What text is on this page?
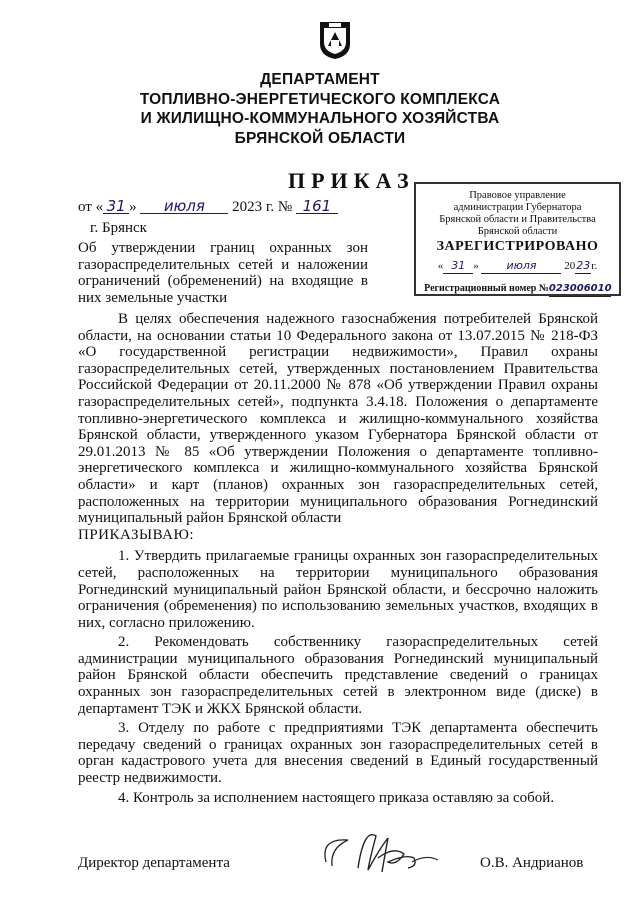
ДЕПАРТАМЕНТ
ТОПЛИВНО-ЭНЕРГЕТИЧЕСКОГО КОМПЛЕКСА
И ЖИЛИЩНО-КОММУНАЛЬНОГО ХОЗЯЙСТВА
БРЯНСКОЙ ОБЛАСТИ
ПРИКАЗ
от « 31 » июля 2023 г. № 161
г. Брянск
Об утверждении границ охранных зон газораспределительных сетей и наложении ограничений (обременений) на входящие в них земельные участки
Правовое управление
администрации Губернатора
Брянской области и Правительства
Брянской области
ЗАРЕГИСТРИРОВАНО
« 31 »	июля	2023г.
Регистрационный номер №023006010

В целях обеспечения надежного газоснабжения потребителей Брянской области, на основании статьи 10 Федерального закона от 13.07.2015 № 218-ФЗ «О государственной регистрации недвижимости», Правил охраны газораспределительных сетей, утвержденных постановлением Правительства Российской Федерации от 20.11.2000 № 878 «Об утверждении Правил охраны газораспределительных сетей», подпункта 3.4.18. Положения о департаменте топливно-энергетического комплекса и жилищно-коммунального хозяйства Брянской области, утвержденного указом Губернатора Брянской области от 29.01.2013 № 85 «Об утверждении Положения о департаменте топливно-энергетического комплекса и жилищно-коммунального хозяйства Брянской области» и карт (планов) охранных зон газораспределительных сетей, расположенных на территории муниципального образования Рогнединский муниципальный район Брянской области

ПРИКАЗЫВАЮ:

1. Утвердить прилагаемые границы охранных зон газораспределительных сетей, расположенных на территории муниципального образования Рогнединский муниципальный район Брянской области, и бессрочно наложить ограничения (обременения) по использованию земельных участков, входящих в них, согласно приложению.

2. Рекомендовать собственнику газораспределительных сетей администрации муниципального образования Рогнединский муниципальный район Брянской области обеспечить представление сведений о границах охранных зон газораспределительных сетей в электронном виде (диске) в департамент ТЭК и ЖКХ Брянской области.

3. Отделу по работе с предприятиями ТЭК департамента обеспечить передачу сведений о границах охранных зон газораспределительных сетей в орган кадастрового учета для внесения сведений в Единый государственный реестр недвижимости.

4. Контроль за исполнением настоящего приказа оставляю за собой.

Директор департамента	О.В. Андрианов
